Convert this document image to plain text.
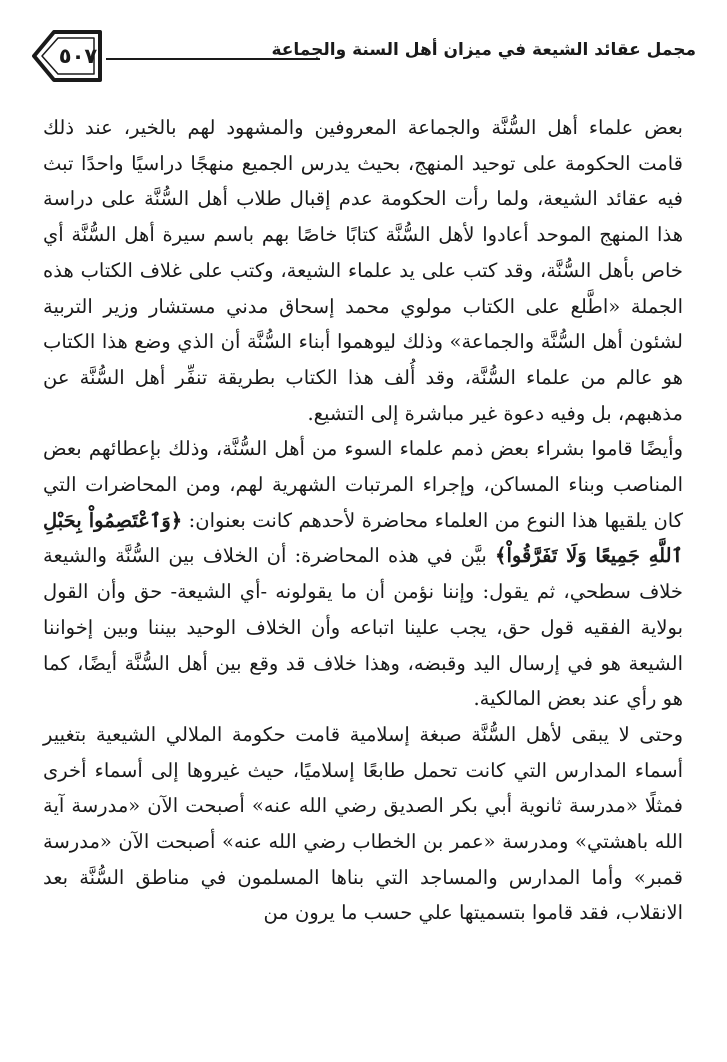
مجمل عقائد الشيعة في ميزان أهل السنة والجماعة
٥٠٧

بعض علماء أهل السُّنَّة والجماعة المعروفين والمشهود لهم بالخير، عند ذلك قامت الحكومة على توحيد المنهج، بحيث يدرس الجميع منهجًا دراسيًا واحدًا تبث فيه عقائد الشيعة، ولما رأت الحكومة عدم إقبال طلاب أهل السُّنَّة على دراسة هذا المنهج الموحد أعادوا لأهل السُّنَّة كتابًا خاصًا بهم باسم سيرة أهل السُّنَّة أي خاص بأهل السُّنَّة، وقد كتب على يد علماء الشيعة، وكتب على غلاف الكتاب هذه الجملة «اطَّلع على الكتاب مولوي محمد إسحاق مدني مستشار وزير التربية لشئون أهل السُّنَّة والجماعة» وذلك ليوهموا أبناء السُّنَّة أن الذي وضع هذا الكتاب هو عالم من علماء السُّنَّة، وقد أُلف هذا الكتاب بطريقة تنفِّر أهل السُّنَّة عن مذهبهم، بل وفيه دعوة غير مباشرة إلى التشيع.

وأيضًا قاموا بشراء بعض ذمم علماء السوء من أهل السُّنَّة، وذلك بإعطائهم بعض المناصب وبناء المساكن، وإجراء المرتبات الشهرية لهم، ومن المحاضرات التي كان يلقيها هذا النوع من العلماء محاضرة لأحدهم كانت بعنوان: ﴿وَٱعْتَصِمُواْ بِحَبْلِ ٱللَّهِ جَمِيعًا وَلَا تَفَرَّقُواْ﴾ بيَّن في هذه المحاضرة: أن الخلاف بين السُّنَّة والشيعة خلاف سطحي، ثم يقول: وإننا نؤمن أن ما يقولونه -أي الشيعة- حق وأن القول بولاية الفقيه قول حق، يجب علينا اتباعه وأن الخلاف الوحيد بيننا وبين إخواننا الشيعة هو في إرسال اليد وقبضه، وهذا خلاف قد وقع بين أهل السُّنَّة أيضًا، كما هو رأي عند بعض المالكية.

وحتى لا يبقى لأهل السُّنَّة صبغة إسلامية قامت حكومة الملالي الشيعية بتغيير أسماء المدارس التي كانت تحمل طابعًا إسلاميًا، حيث غيروها إلى أسماء أخرى فمثلًا «مدرسة ثانوية أبي بكر الصديق رضي الله عنه» أصبحت الآن «مدرسة آية الله باهشتي» ومدرسة «عمر بن الخطاب رضي الله عنه» أصبحت الآن «مدرسة قمبر» وأما المدارس والمساجد التي بناها المسلمون في مناطق السُّنَّة بعد الانقلاب، فقد قاموا بتسميتها علي حسب ما يرون من
